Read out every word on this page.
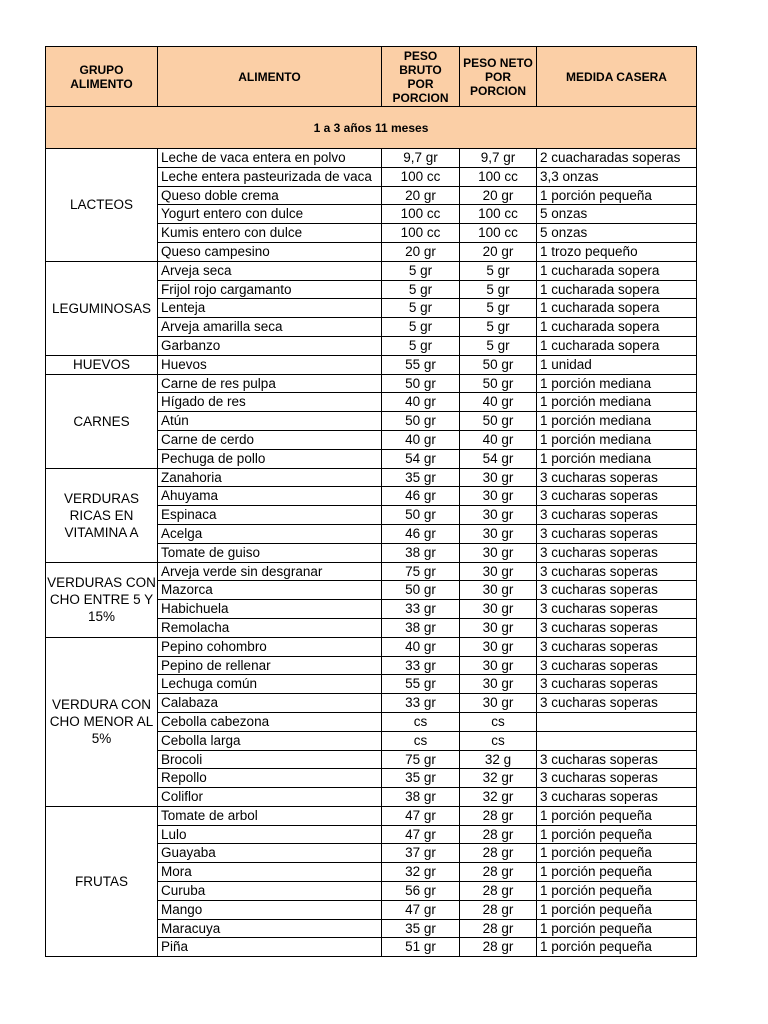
GRUPO ALIMENTO	ALIMENTO	PESO BRUTO POR PORCION	PESO NETO POR PORCION	MEDIDA CASERA
1 a 3 años 11 meses				
LACTEOS	Leche de vaca entera en polvo	9,7 gr	9,7 gr	2 cuacharadas soperas
	Leche entera pasteurizada de vaca	100 cc	100 cc	3,3 onzas
	Queso doble crema	20 gr	20 gr	1 porción pequeña
	Yogurt entero con dulce	100 cc	100 cc	5 onzas
	Kumis entero con dulce	100 cc	100 cc	5 onzas
	Queso campesino	20 gr	20 gr	1 trozo pequeño
LEGUMINOSAS	Arveja seca	5 gr	5 gr	1 cucharada sopera
	Frijol rojo cargamanto	5 gr	5 gr	1 cucharada sopera
	Lenteja	5 gr	5 gr	1 cucharada sopera
	Arveja amarilla seca	5 gr	5 gr	1 cucharada sopera
	Garbanzo	5 gr	5 gr	1 cucharada sopera
HUEVOS	Huevos	55 gr	50 gr	1 unidad
CARNES	Carne de res pulpa	50 gr	50 gr	1 porción mediana
	Hígado de res	40 gr	40 gr	1 porción mediana
	Atún	50 gr	50 gr	1 porción mediana
	Carne de cerdo	40 gr	40 gr	1 porción mediana
	Pechuga de pollo	54 gr	54 gr	1 porción mediana
VERDURAS RICAS EN VITAMINA A	Zanahoria	35 gr	30 gr	3 cucharas soperas
	Ahuyama	46 gr	30 gr	3 cucharas soperas
	Espinaca	50 gr	30 gr	3 cucharas soperas
	Acelga	46 gr	30 gr	3 cucharas soperas
	Tomate de guiso	38 gr	30 gr	3 cucharas soperas
VERDURAS CON CHO ENTRE 5 Y 15%	Arveja verde sin desgranar	75 gr	30 gr	3 cucharas soperas
	Mazorca	50 gr	30 gr	3 cucharas soperas
	Habichuela	33 gr	30 gr	3 cucharas soperas
	Remolacha	38 gr	30 gr	3 cucharas soperas
VERDURA CON CHO MENOR AL 5%	Pepino cohombro	40 gr	30 gr	3 cucharas soperas
	Pepino de rellenar	33 gr	30 gr	3 cucharas soperas
	Lechuga común	55 gr	30 gr	3 cucharas soperas
	Calabaza	33 gr	30 gr	3 cucharas soperas
	Cebolla cabezona	cs	cs	
	Cebolla larga	cs	cs	
	Brocoli	75 gr	32 g	3 cucharas soperas
	Repollo	35 gr	32 gr	3 cucharas soperas
	Coliflor	38 gr	32 gr	3 cucharas soperas
FRUTAS	Tomate de arbol	47 gr	28 gr	1 porción pequeña
	Lulo	47 gr	28 gr	1 porción pequeña
	Guayaba	37 gr	28 gr	1 porción pequeña
	Mora	32 gr	28 gr	1 porción pequeña
	Curuba	56 gr	28 gr	1 porción pequeña
	Mango	47 gr	28 gr	1 porción pequeña
	Maracuya	35 gr	28 gr	1 porción pequeña
	Piña	51 gr	28 gr	1 porción pequeña
